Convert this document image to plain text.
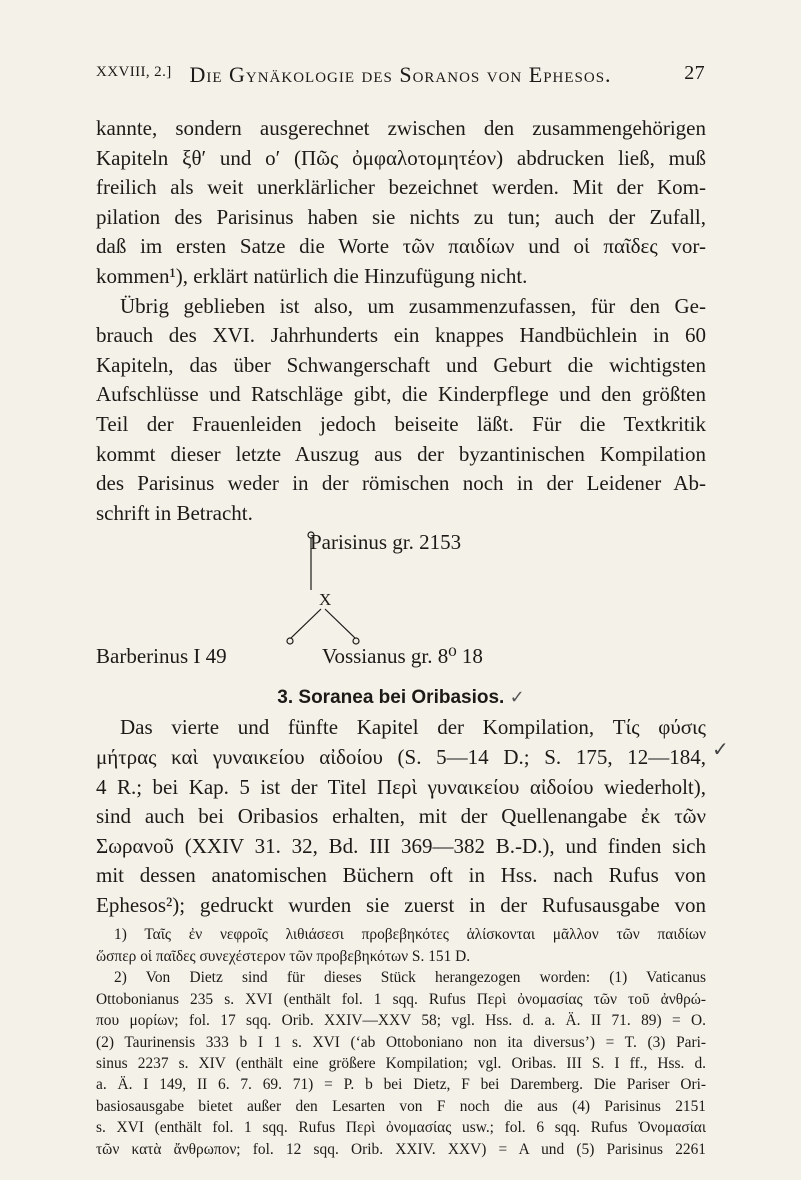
XXVIII, 2.] Die Gynäkologie des Soranos von Ephesos.	27
kannte, sondern ausgerechnet zwischen den zusammengehörigen
Kapiteln ξθ′ und ο′ (Πῶς ὀμφαλοτομητέον) abdrucken ließ, muß
freilich als weit unerklärlicher bezeichnet werden. Mit der Kom-
pilation des Parisinus haben sie nichts zu tun; auch der Zufall,
daß im ersten Satze die Worte τῶν παιδίων und οἱ παῖδες vor-
kommen¹), erklärt natürlich die Hinzufügung nicht.
Übrig geblieben ist also, um zusammenzufassen, für den Ge-
brauch des XVI. Jahrhunderts ein knappes Handbüchlein in 60
Kapiteln, das über Schwangerschaft und Geburt die wichtigsten
Aufschlüsse und Ratschläge gibt, die Kinderpflege und den größten
Teil der Frauenleiden jedoch beiseite läßt. Für die Textkritik
kommt dieser letzte Auszug aus der byzantinischen Kompilation
des Parisinus weder in der römischen noch in der Leidener Ab-
schrift in Betracht.
Parisinus gr. 2153
X
Barberinus I 49	Vossianus gr. 8⁰ 18
3. Soranea bei Oribasios. ✓
Das vierte und fünfte Kapitel der Kompilation, Τίς φύσις
μήτρας καὶ γυναικείου αἰδοίου (S. 5—14 D.; S. 175, 12—184,
4 R.; bei Kap. 5 ist der Titel Περὶ γυναικείου αἰδοίου wiederholt),
sind auch bei Oribasios erhalten, mit der Quellenangabe ἐκ τῶν
Σωρανοῦ (XXIV 31. 32, Bd. III 369—382 B.-D.), und finden sich
mit dessen anatomischen Büchern oft in Hss. nach Rufus von
Ephesos²); gedruckt wurden sie zuerst in der Rufusausgabe von
1) Ταῖς ἐν νεφροῖς λιθιάσεσι προβεβηκότες ἁλίσκονται μᾶλλον τῶν παιδίων
ὥσπερ οἱ παῖδες συνεχέστερον τῶν προβεβηκότων S. 151 D.
2) Von Dietz sind für dieses Stück herangezogen worden: (1) Vaticanus
Ottobonianus 235 s. XVI (enthält fol. 1 sqq. Rufus Περὶ ὀνομασίας τῶν τοῦ ἀνθρώ-
που μορίων; fol. 17 sqq. Orib. XXIV—XXV 58; vgl. Hss. d. a. Ä. II 71. 89) = O.
(2) Taurinensis 333 b I 1 s. XVI (‘ab Ottoboniano non ita diversus’) = T. (3) Pari-
sinus 2237 s. XIV (enthält eine größere Kompilation; vgl. Oribas. III S. I ff., Hss. d.
a. Ä. I 149, II 6. 7. 69. 71) = P. b bei Dietz, F bei Daremberg. Die Pariser Ori-
basiosausgabe bietet außer den Lesarten von F noch die aus (4) Parisinus 2151
s. XVI (enthält fol. 1 sqq. Rufus Περὶ ὀνομασίας usw.; fol. 6 sqq. Rufus Ὀνομασίαι
τῶν κατὰ ἄνθρωπον; fol. 12 sqq. Orib. XXIV. XXV) = A und (5) Parisinus 2261
✓
